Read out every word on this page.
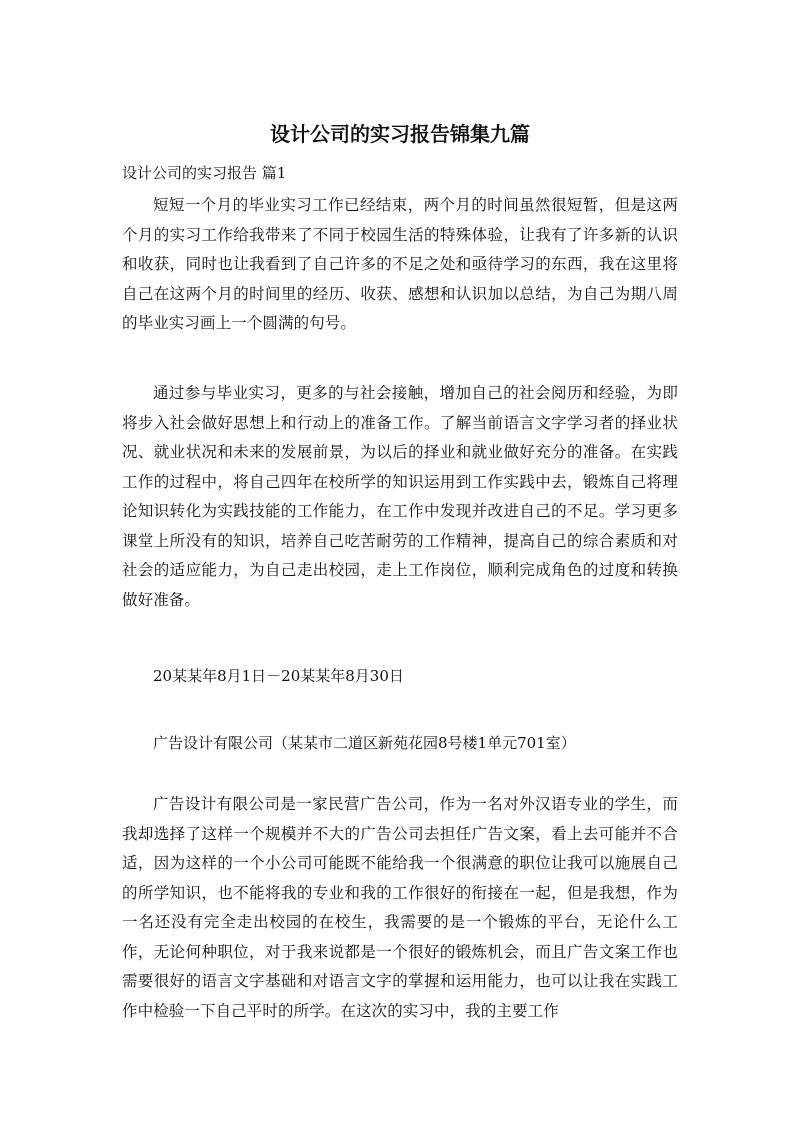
设计公司的实习报告锦集九篇

设计公司的实习报告 篇1

短短一个月的毕业实习工作已经结束，两个月的时间虽然很短暂，但是这两个月的实习工作给我带来了不同于校园生活的特殊体验，让我有了许多新的认识和收获，同时也让我看到了自己许多的不足之处和亟待学习的东西，我在这里将自己在这两个月的时间里的经历、收获、感想和认识加以总结，为自己为期八周的毕业实习画上一个圆满的句号。

通过参与毕业实习，更多的与社会接触，增加自己的社会阅历和经验，为即将步入社会做好思想上和行动上的准备工作。了解当前语言文字学习者的择业状况、就业状况和未来的发展前景，为以后的择业和就业做好充分的准备。在实践工作的过程中，将自己四年在校所学的知识运用到工作实践中去，锻炼自己将理论知识转化为实践技能的工作能力，在工作中发现并改进自己的不足。学习更多课堂上所没有的知识，培养自己吃苦耐劳的工作精神，提高自己的综合素质和对社会的适应能力，为自己走出校园，走上工作岗位，顺利完成角色的过度和转换做好准备。

20某某年8月1日－20某某年8月30日

广告设计有限公司（某某市二道区新苑花园8号楼1单元701室）

广告设计有限公司是一家民营广告公司，作为一名对外汉语专业的学生，而我却选择了这样一个规模并不大的广告公司去担任广告文案，看上去可能并不合适，因为这样的一个小公司可能既不能给我一个很满意的职位让我可以施展自己的所学知识，也不能将我的专业和我的工作很好的衔接在一起，但是我想，作为一名还没有完全走出校园的在校生，我需要的是一个锻炼的平台，无论什么工作，无论何种职位，对于我来说都是一个很好的锻炼机会，而且广告文案工作也需要很好的语言文字基础和对语言文字的掌握和运用能力，也可以让我在实践工作中检验一下自己平时的所学。在这次的实习中，我的主要工作
